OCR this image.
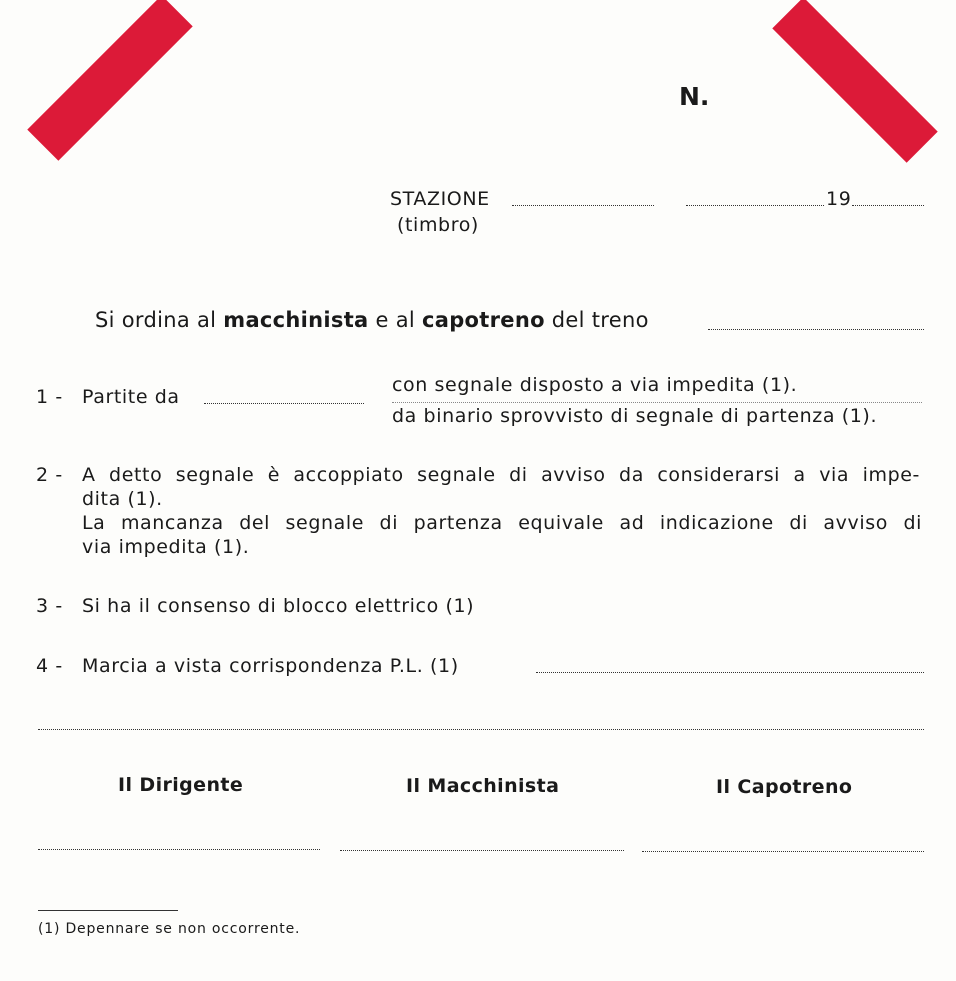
N.
STAZIONE	19
(timbro)
Si ordina al macchinista e al capotreno del treno
1 - Partite da
con segnale disposto a via impedita (1).
da binario sprovvisto di segnale di partenza (1).
2 - A detto segnale è accoppiato segnale di avviso da considerarsi a via impe-
dita (1).
La mancanza del segnale di partenza equivale ad indicazione di avviso di
via impedita (1).
3 - Si ha il consenso di blocco elettrico (1)
4 - Marcia a vista corrispondenza P.L. (1)
Il Dirigente	Il Macchinista	Il Capotreno
(1) Depennare se non occorrente.
